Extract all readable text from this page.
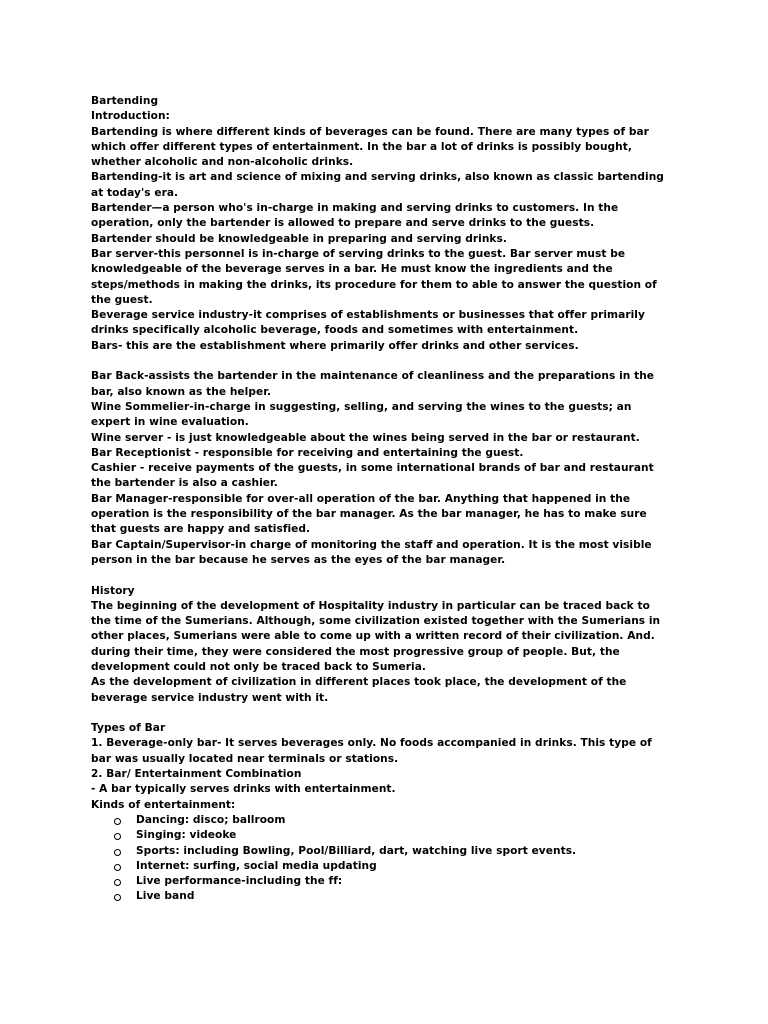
Bartending
Introduction:
Bartending is where different kinds of beverages can be found. There are many types of bar
which offer different types of entertainment. In the bar a lot of drinks is possibly bought,
whether alcoholic and non-alcoholic drinks.
Bartending-it is art and science of mixing and serving drinks, also known as classic bartending
at today's era.
Bartender—a person who's in-charge in making and serving drinks to customers. In the
operation, only the bartender is allowed to prepare and serve drinks to the guests.
Bartender should be knowledgeable in preparing and serving drinks.
Bar server-this personnel is in-charge of serving drinks to the guest. Bar server must be
knowledgeable of the beverage serves in a bar. He must know the ingredients and the
steps/methods in making the drinks, its procedure for them to able to answer the question of
the guest.
Beverage service industry-it comprises of establishments or businesses that offer primarily
drinks specifically alcoholic beverage, foods and sometimes with entertainment.
Bars- this are the establishment where primarily offer drinks and other services.
Bar Back-assists the bartender in the maintenance of cleanliness and the preparations in the
bar, also known as the helper.
Wine Sommelier-in-charge in suggesting, selling, and serving the wines to the guests; an
expert in wine evaluation.
Wine server - is just knowledgeable about the wines being served in the bar or restaurant.
Bar Receptionist - responsible for receiving and entertaining the guest.
Cashier - receive payments of the guests, in some international brands of bar and restaurant
the bartender is also a cashier.
Bar Manager-responsible for over-all operation of the bar. Anything that happened in the
operation is the responsibility of the bar manager. As the bar manager, he has to make sure
that guests are happy and satisfied.
Bar Captain/Supervisor-in charge of monitoring the staff and operation. It is the most visible
person in the bar because he serves as the eyes of the bar manager.
History
The beginning of the development of Hospitality industry in particular can be traced back to
the time of the Sumerians. Although, some civilization existed together with the Sumerians in
other places, Sumerians were able to come up with a written record of their civilization. And.
during their time, they were considered the most progressive group of people. But, the
development could not only be traced back to Sumeria.
As the development of civilization in different places took place, the development of the
beverage service industry went with it.
Types of Bar
1. Beverage-only bar- It serves beverages only. No foods accompanied in drinks. This type of
bar was usually located near terminals or stations.
2. Bar/ Entertainment Combination
- A bar typically serves drinks with entertainment.
Kinds of entertainment:
Dancing: disco; ballroom
Singing: videoke
Sports: including Bowling, Pool/Billiard, dart, watching live sport events.
Internet: surfing, social media updating
Live performance-including the ff:
Live band
